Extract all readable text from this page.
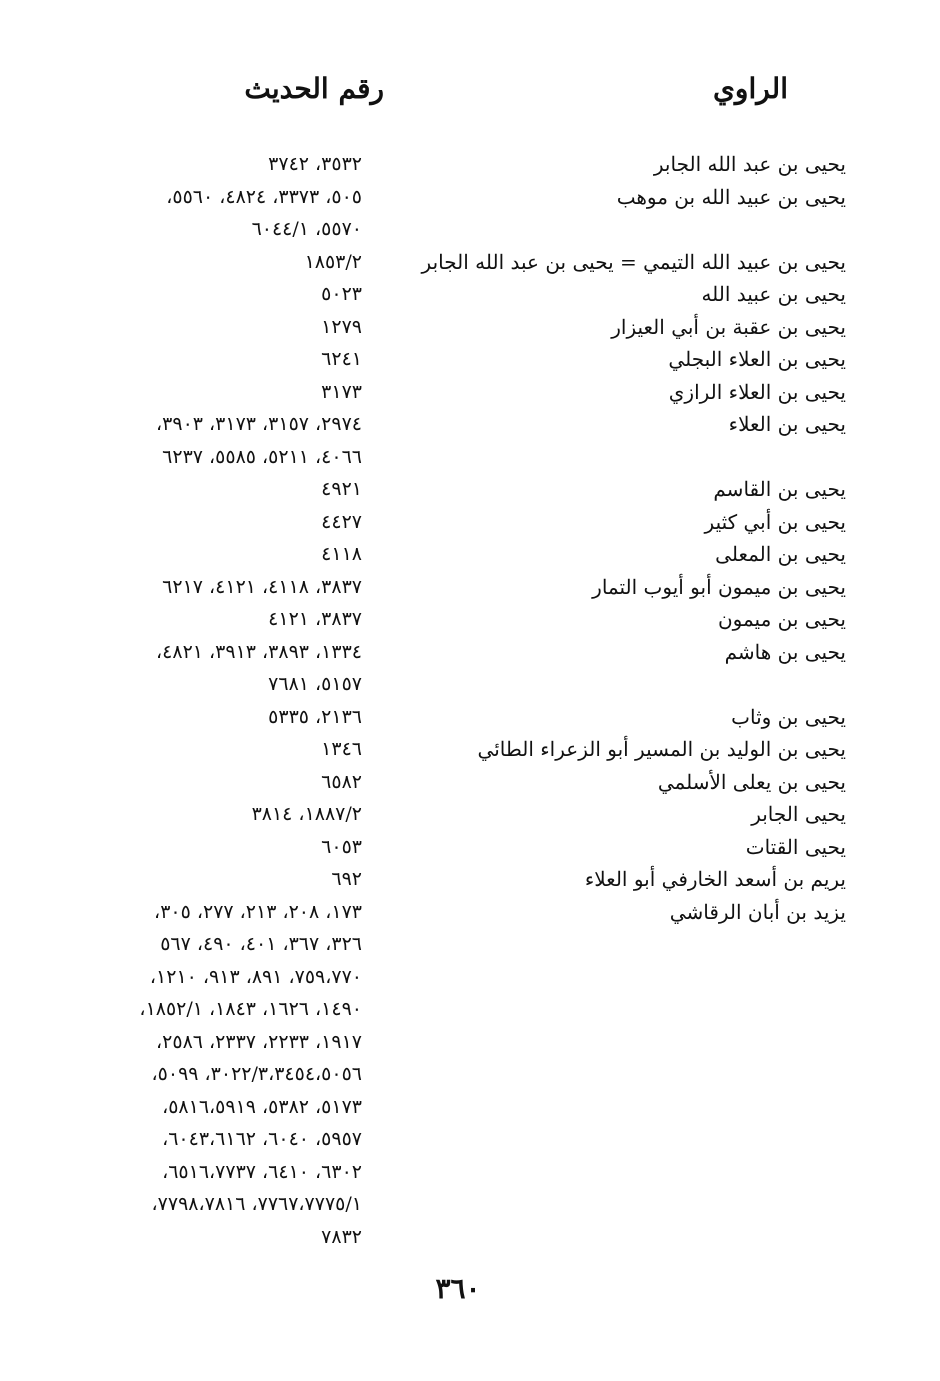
الراوي
رقم الحديث
يحيى بن عبد الله الجابر
يحيى بن عبيد الله بن موهب
يحيى بن عبيد الله التيمي = يحيى بن عبد الله الجابر
يحيى بن عبيد الله
يحيى بن عقبة بن أبي العيزار
يحيى بن العلاء البجلي
يحيى بن العلاء الرازي
يحيى بن العلاء
يحيى بن القاسم
يحيى بن أبي كثير
يحيى بن المعلى
يحيى بن ميمون أبو أيوب التمار
يحيى بن ميمون
يحيى بن هاشم
يحيى بن وثاب
يحيى بن الوليد بن المسير أبو الزعراء الطائي
يحيى بن يعلى الأسلمي
يحيى الجابر
يحيى القتات
يريم بن أسعد الخارفي أبو العلاء
يزيد بن أبان الرقاشي
٣٥٣٢، ٣٧٤٢
٥٠٥، ٣٣٧٣، ٤٨٢٤، ٥٥٦٠،
٥٥٧٠، ٦٠٤٤/١
١٨٥٣/٢
٥٠٢٣
١٢٧٩
٦٢٤١
٣١٧٣
٢٩٧٤، ٣١٥٧، ٣١٧٣، ٣٩٠٣،
٤٠٦٦، ٥٢١١، ٥٥٨٥، ٦٢٣٧
٤٩٢١
٤٤٢٧
٤١١٨
٣٨٣٧، ٤١١٨، ٤١٢١، ٦٢١٧
٣٨٣٧، ٤١٢١
١٣٣٤، ٣٨٩٣، ٣٩١٣، ٤٨٢١،
٥١٥٧، ٧٦٨١
٢١٣٦، ٥٣٣٥
١٣٤٦
٦٥٨٢
١٨٨٧/٢، ٣٨١٤
٦٠٥٣
٦٩٢
١٧٣، ٢٠٨، ٢١٣، ٢٧٧، ٣٠٥،
٣٢٦، ٣٦٧، ٤٠١، ٤٩٠، ٥٦٧
٧٥٩،٧٧٠، ٨٩١، ٩١٣، ١٢١٠،
١٤٩٠، ١٦٢٦، ١٨٤٣، ١٨٥٢/١،
١٩١٧، ٢٢٣٣، ٢٣٣٧، ٢٥٨٦،
٣٠٢٢/٣،٣٤٥٤،٥٠٥٦، ٥٠٩٩،
٥١٧٣، ٥٣٨٢، ٥٨١٦،٥٩١٩،
٥٩٥٧، ٦٠٤٠، ٦٠٤٣،٦١٦٢،
٦٣٠٢، ٦٤١٠، ٦٥١٦،٧٧٣٧،
٧٧٦٧،٧٧٧٥/١، ٧٧٩٨،٧٨١٦،
٧٨٣٢
٣٦٠
